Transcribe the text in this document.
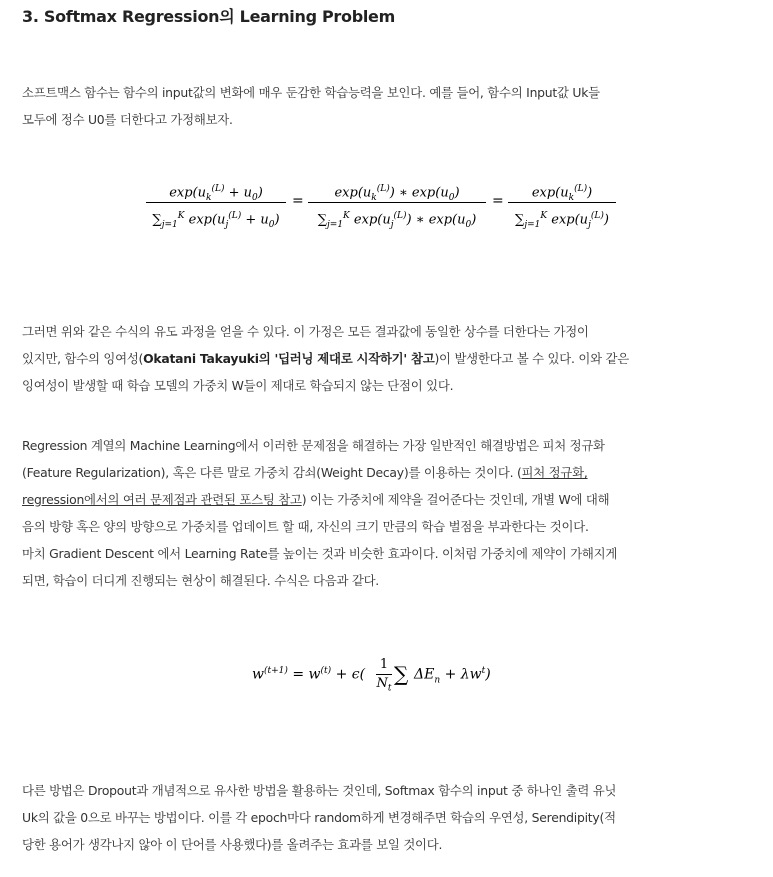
3. Softmax Regression의 Learning Problem
소프트맥스 함수는 함수의 input값의 변화에 매우 둔감한 학습능력을 보인다. 예를 들어, 함수의 Input값 Uk들
모두에 정수 U0를 더한다고 가정해보자.
$\frac{\exp(u_k^{(L)} + u_0)}{\sum_{j=1}^K \exp(u_j^{(L)} + u_0)} = \frac{\exp(u_k^{(L)}) ∗ \exp(u_0)}{\sum_{j=1}^K \exp(u_j^{(L)}) ∗ \exp(u_0)} = \frac{\exp(u_k^{(L)})}{\sum_{j=1}^K \exp(u_j^{(L)})}$
그러면 위와 같은 수식의 유도 과정을 얻을 수 있다. 이 가정은 모든 결과값에 동일한 상수를 더한다는 가정이
있지만, 함수의 잉여성(Okatani Takayuki의 '딥러닝 제대로 시작하기' 참고)이 발생한다고 볼 수 있다. 이와 같은
잉여성이 발생할 때 학습 모델의 가중치 W들이 제대로 학습되지 않는 단점이 있다.
Regression 계열의 Machine Learning에서 이러한 문제점을 해결하는 가장 일반적인 해결방법은 피처 정규화
(Feature Regularization), 혹은 다른 말로 가중치 감쇠(Weight Decay)를 이용하는 것이다. (피처 정규화,
regression에서의 여러 문제점과 관련된 포스팅 참고) 이는 가중치에 제약을 걸어준다는 것인데, 개별 W에 대해
음의 방향 혹은 양의 방향으로 가중치를 업데이트 할 때, 자신의 크기 만큼의 학습 벌점을 부과한다는 것이다.
마치 Gradient Descent 에서 Learning Rate를 높이는 것과 비슷한 효과이다. 이처럼 가중치에 제약이 가해지게
되면, 학습이 더디게 진행되는 현상이 해결된다. 수식은 다음과 같다.
$w^{(t+1)} = w^{(t)} + \epsilon$(
1
$N_t$
∑ $\Delta E_n + \lambda w^t$)
다른 방법은 Dropout과 개념적으로 유사한 방법을 활용하는 것인데, Softmax 함수의 input 중 하나인 출력 유닛
Uk의 값을 0으로 바꾸는 방법이다. 이를 각 epoch마다 random하게 변경해주면 학습의 우연성, Serendipity(적
당한 용어가 생각나지 않아 이 단어를 사용했다)를 올려주는 효과를 보일 것이다.
